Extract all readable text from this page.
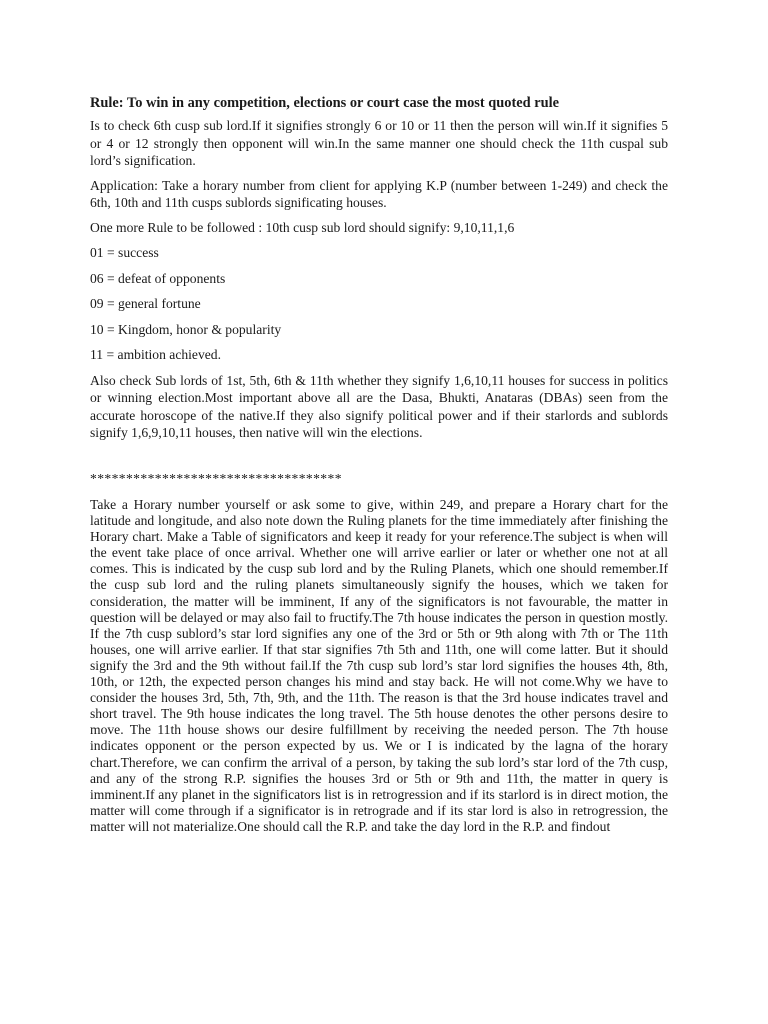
Rule: To win in any competition, elections or court case the most quoted rule

Is to check 6th cusp sub lord.If it signifies strongly 6 or 10 or 11 then the person will win.If it signifies 5 or 4 or 12 strongly then opponent will win.In the same manner one should check the 11th cuspal sub lord’s signification.

Application: Take a horary number from client for applying K.P (number between 1-249) and check the 6th, 10th and 11th cusps sublords significating houses.

One more Rule to be followed : 10th cusp sub lord should signify: 9,10,11,1,6

01 = success
06 = defeat of opponents
09 = general fortune
10 = Kingdom, honor & popularity
11 = ambition achieved.

Also check Sub lords of 1st, 5th, 6th & 11th whether they signify 1,6,10,11 houses for success in politics or winning election.Most important above all are the Dasa, Bhukti, Anataras (DBAs) seen from the accurate horoscope of the native.If they also signify political power and if their starlords and sublords signify 1,6,9,10,11 houses, then native will win the elections.

***********************************

Take a Horary number yourself or ask some to give, within 249, and prepare a Horary chart for the latitude and longitude, and also note down the Ruling planets for the time immediately after finishing the Horary chart. Make a Table of significators and keep it ready for your reference.The subject is when will the event take place of once arrival. Whether one will arrive earlier or later or whether one not at all comes. This is indicated by the cusp sub lord and by the Ruling Planets, which one should remember.If the cusp sub lord and the ruling planets simultaneously signify the houses, which we taken for consideration, the matter will be imminent, If any of the significators is not favourable, the matter in question will be delayed or may also fail to fructify.The 7th house indicates the person in question mostly. If the 7th cusp sublord’s star lord signifies any one of the 3rd or 5th or 9th along with 7th or The 11th houses, one will arrive earlier. If that star signifies 7th 5th and 11th, one will come latter. But it should signify the 3rd and the 9th without fail.If the 7th cusp sub lord’s star lord signifies the houses 4th, 8th, 10th, or 12th, the expected person changes his mind and stay back. He will not come.Why we have to consider the houses 3rd, 5th, 7th, 9th, and the 11th. The reason is that the 3rd house indicates travel and short travel. The 9th house indicates the long travel. The 5th house denotes the other persons desire to move. The 11th house shows our desire fulfillment by receiving the needed person. The 7th house indicates opponent or the person expected by us. We or I is indicated by the lagna of the horary chart.Therefore, we can confirm the arrival of a person, by taking the sub lord’s star lord of the 7th cusp, and any of the strong R.P. signifies the houses 3rd or 5th or 9th and 11th, the matter in query is imminent.If any planet in the significators list is in retrogression and if its starlord is in direct motion, the matter will come through if a significator is in retrograde and if its star lord is also in retrogression, the matter will not materialize.One should call the R.P. and take the day lord in the R.P. and findout
